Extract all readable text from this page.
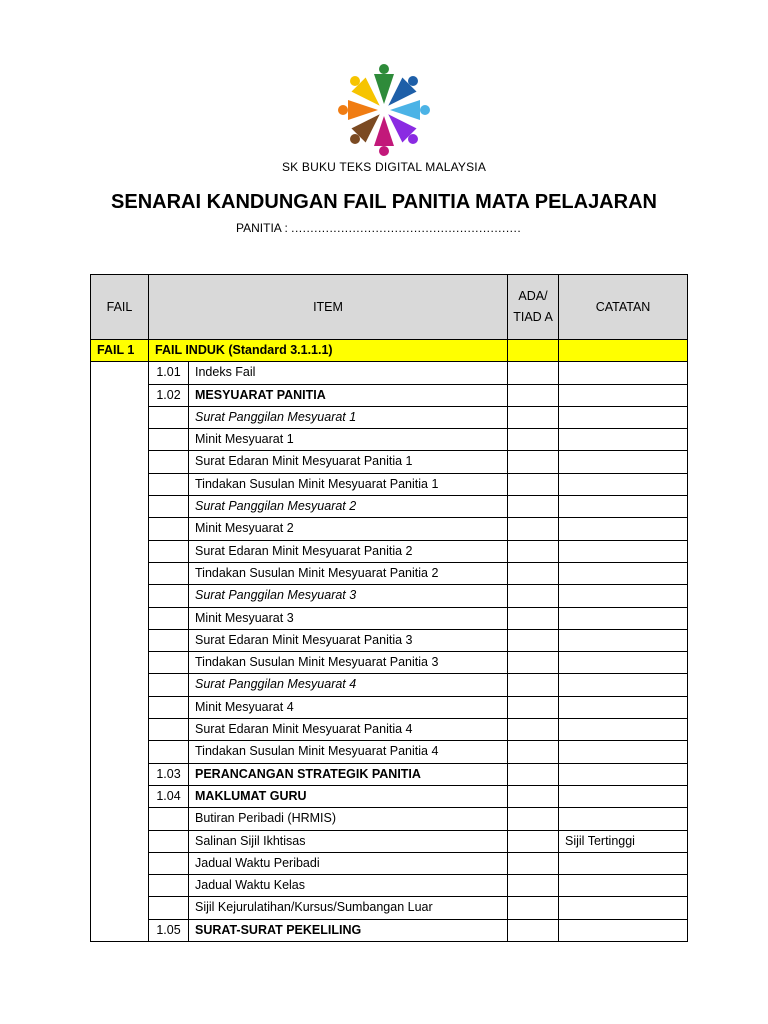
SK BUKU TEKS DIGITAL MALAYSIA
SENARAI KANDUNGAN FAIL PANITIA MATA PELAJARAN
PANITIA : ............................................................
FAIL	ITEM		ADA/ TIAD A	CATATAN
FAIL 1	FAIL INDUK (Standard 3.1.1.1)			
	1.01	Indeks Fail		
	1.02	MESYUARAT PANITIA		
		Surat Panggilan Mesyuarat 1		
		Minit Mesyuarat 1		
		Surat Edaran Minit Mesyuarat Panitia 1		
		Tindakan Susulan Minit Mesyuarat Panitia 1		
		Surat Panggilan Mesyuarat 2		
		Minit Mesyuarat 2		
		Surat Edaran Minit Mesyuarat Panitia 2		
		Tindakan Susulan Minit Mesyuarat Panitia 2		
		Surat Panggilan Mesyuarat 3		
		Minit Mesyuarat 3		
		Surat Edaran Minit Mesyuarat Panitia 3		
		Tindakan Susulan Minit Mesyuarat Panitia 3		
		Surat Panggilan Mesyuarat 4		
		Minit Mesyuarat 4		
		Surat Edaran Minit Mesyuarat Panitia 4		
		Tindakan Susulan Minit Mesyuarat Panitia 4		
	1.03	PERANCANGAN STRATEGIK PANITIA		
	1.04	MAKLUMAT GURU		
		Butiran Peribadi (HRMIS)		
		Salinan Sijil Ikhtisas		Sijil Tertinggi
		Jadual Waktu Peribadi		
		Jadual Waktu Kelas		
		Sijil Kejurulatihan/Kursus/Sumbangan Luar		
	1.05	SURAT-SURAT PEKELILING		
